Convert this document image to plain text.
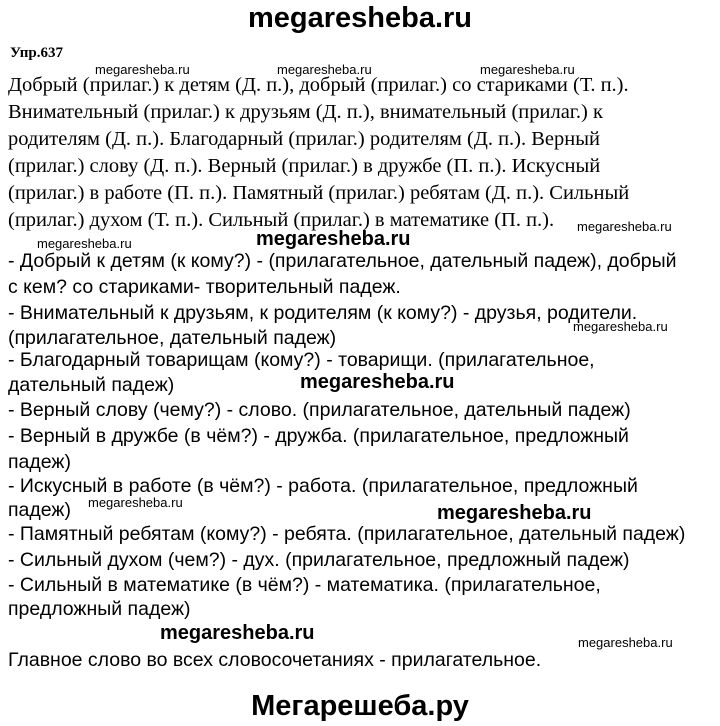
megaresheba.ru
Упр.637
Добрый (прилаг.) к детям (Д. п.), добрый (прилаг.) со стариками (Т. п.).
Внимательный (прилаг.) к друзьям (Д. п.), внимательный (прилаг.) к
родителям (Д. п.). Благодарный (прилаг.) родителям (Д. п.). Верный
(прилаг.) слову (Д. п.). Верный (прилаг.) в дружбе (П. п.). Искусный
(прилаг.) в работе (П. п.). Памятный (прилаг.) ребятам (Д. п.). Сильный
(прилаг.) духом (Т. п.). Сильный (прилаг.) в математике (П. п.).
- Добрый к детям (к кому?) - (прилагательное, дательный падеж), добрый
с кем? со стариками- творительный падеж.
- Внимательный к друзьям, к родителям (к кому?) - друзья, родители.
(прилагательное, дательный падеж)
- Благодарный товарищам (кому?) - товарищи. (прилагательное,
дательный падеж)
- Верный слову (чему?) - слово. (прилагательное, дательный падеж)
- Верный в дружбе (в чём?) - дружба. (прилагательное, предложный
падеж)
- Искусный в работе (в чём?) - работа. (прилагательное, предложный
падеж)
- Памятный ребятам (кому?) - ребята. (прилагательное, дательный падеж)
- Сильный духом (чем?) - дух. (прилагательное, предложный падеж)
- Сильный в математике (в чём?) - математика. (прилагательное,
предложный падеж)
Главное слово во всех словосочетаниях - прилагательное.
megaresheba.ru	megaresheba.ru	megaresheba.ru
megaresheba.ru
megaresheba.ru	megaresheba.ru
megaresheba.ru
megaresheba.ru
megaresheba.ru	megaresheba.ru
megaresheba.ru	megaresheba.ru
Мегарешеба.ру
